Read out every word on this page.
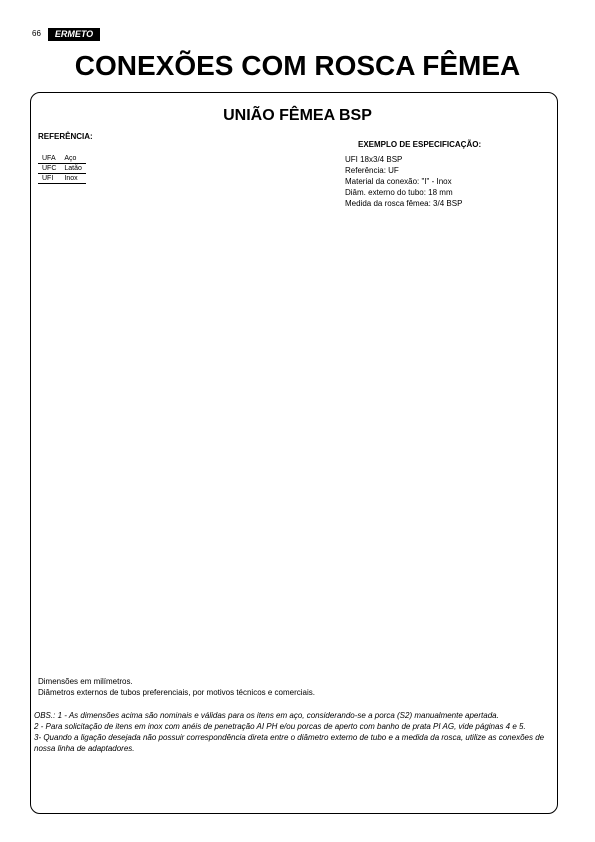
66	ERMETO
CONEXÕES COM ROSCA FÊMEA
UNIÃO FÊMEA BSP
REFERÊNCIA:
UFA	Aço
UFC	Latão
UFI	Inox
EXEMPLO DE ESPECIFICAÇÃO:
UFI 18x3/4 BSP
Referência: UF
Material da conexão: "I" - Inox
Diâm. externo do tubo: 18 mm
Medida da rosca fêmea: 3/4 BSP
Dimensões em milímetros.
Diâmetros externos de tubos preferenciais, por motivos técnicos e comerciais.
OBS.: 1 - As dimensões acima são nominais e válidas para os itens em aço, considerando-se a porca (S2) manualmente apertada.
2 - Para solicitação de itens em inox com anéis de penetração AI PH e/ou porcas de aperto com banho de prata PI AG, vide páginas 4 e 5.
3- Quando a ligação desejada não possuir correspondência direta entre o diâmetro externo de tubo e a medida da rosca, utilize as conexões de nossa linha de adaptadores.
